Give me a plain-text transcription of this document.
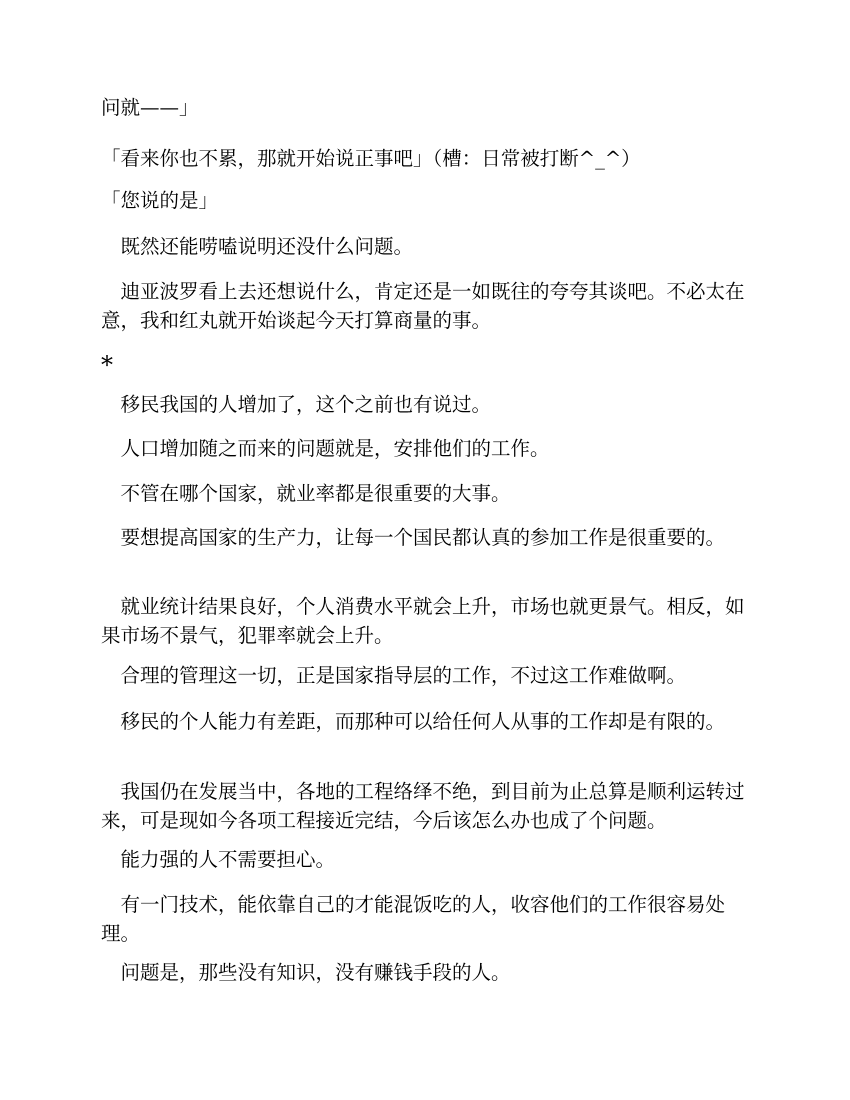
问就——」

「看来你也不累，那就开始说正事吧」（槽：日常被打断^_^）

「您说的是」

　既然还能唠嗑说明还没什么问题。

　迪亚波罗看上去还想说什么，肯定还是一如既往的夸夸其谈吧。不必太在意，我和红丸就开始谈起今天打算商量的事。

*

　移民我国的人增加了，这个之前也有说过。

　人口增加随之而来的问题就是，安排他们的工作。

　不管在哪个国家，就业率都是很重要的大事。

　要想提高国家的生产力，让每一个国民都认真的参加工作是很重要的。

　就业统计结果良好，个人消费水平就会上升，市场也就更景气。相反，如果市场不景气，犯罪率就会上升。

　合理的管理这一切，正是国家指导层的工作，不过这工作难做啊。

　移民的个人能力有差距，而那种可以给任何人从事的工作却是有限的。

　我国仍在发展当中，各地的工程络绎不绝，到目前为止总算是顺利运转过来，可是现如今各项工程接近完结，今后该怎么办也成了个问题。

　能力强的人不需要担心。

　有一门技术，能依靠自己的才能混饭吃的人，收容他们的工作很容易处理。

　问题是，那些没有知识，没有赚钱手段的人。
